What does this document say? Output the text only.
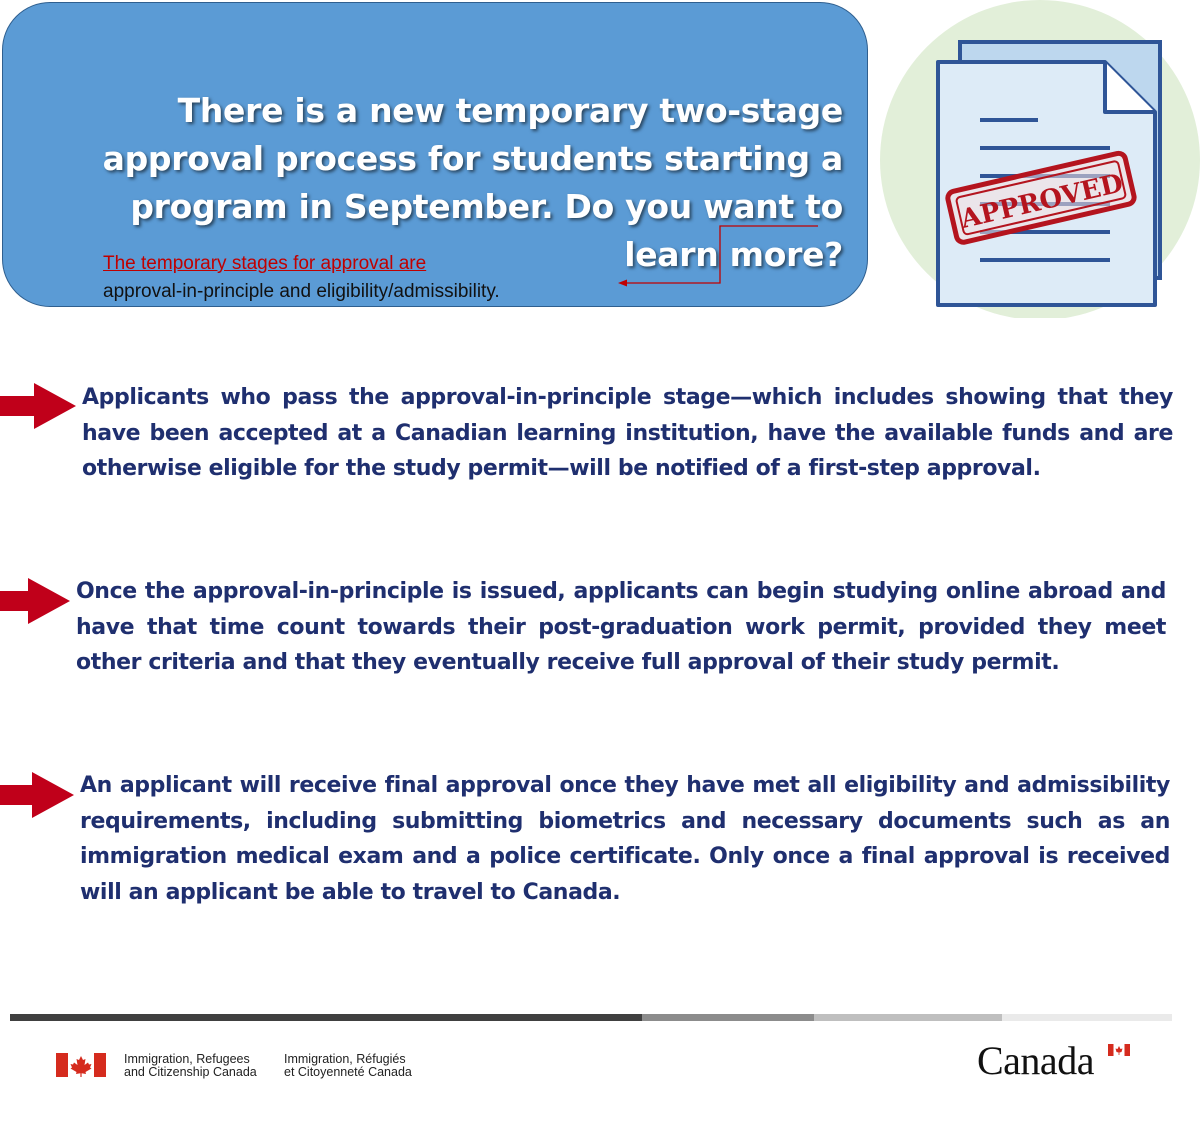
There is a new temporary two-stage approval process for students starting a program in September. Do you want to learn more?
The temporary stages for approval are
approval-in-principle and eligibility/admissibility.
APPROVED

Applicants who pass the approval-in-principle stage—which includes showing that they have been accepted at a Canadian learning institution, have the available funds and are otherwise eligible for the study permit—will be notified of a first-step approval.

Once the approval-in-principle is issued, applicants can begin studying online abroad and have that time count towards their post-graduation work permit, provided they meet other criteria and that they eventually receive full approval of their study permit.

An applicant will receive final approval once they have met all eligibility and admissibility requirements, including submitting biometrics and necessary documents such as an immigration medical exam and a police certificate. Only once a final approval is received will an applicant be able to travel to Canada.

Immigration, Refugees
and Citizenship Canada
Immigration, Réfugiés
et Citoyenneté Canada	Canada
